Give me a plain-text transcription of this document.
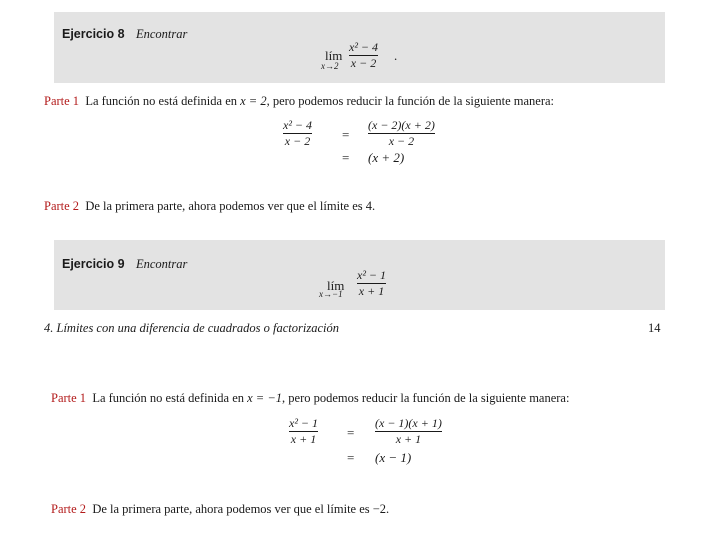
Ejercicio 8 Encontrar
lím
x→2
x² − 4
x − 2 .
Parte 1 La función no está definida en x = 2, pero podemos reducir la función de la siguiente manera:
x² − 4
x − 2 =
(x − 2)(x + 2)
x − 2
= (x + 2)
Parte 2 De la primera parte, ahora podemos ver que el límite es 4.
Ejercicio 9 Encontrar
lím
x→−1
x² − 1
x + 1
4. Límites con una diferencia de cuadrados o factorización	14
Parte 1 La función no está definida en x = −1, pero podemos reducir la función de la siguiente manera:
x² − 1
x + 1 =
(x − 1)(x + 1)
x + 1
= (x − 1)
Parte 2 De la primera parte, ahora podemos ver que el límite es −2.
